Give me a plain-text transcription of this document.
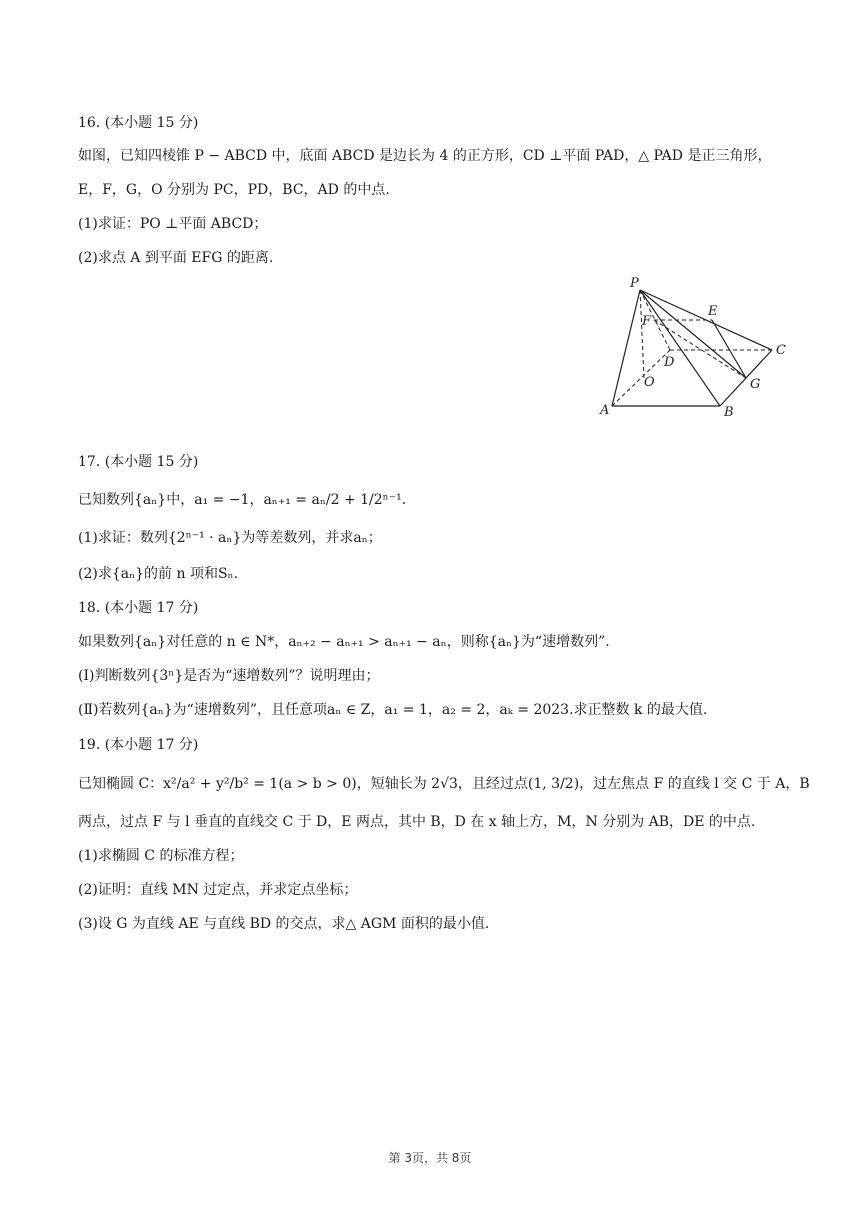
16. (本小题 15 分)
如图，已知四棱锥 P − ABCD 中，底面 ABCD 是边长为 4 的正方形，CD ⊥平面 PAD，△ PAD 是正三角形，
E，F，G，O 分别为 PC，PD，BC，AD 的中点.
(1)求证：PO ⊥平面 ABCD；
(2)求点 A 到平面 EFG 的距离.
P
E
F
D
C
O	G
A	B
17. (本小题 15 分)
已知数列{aₙ}中，a₁ = −1，aₙ₊₁ = aₙ/2 + 1/2ⁿ⁻¹.
(1)求证：数列{2ⁿ⁻¹ · aₙ}为等差数列，并求aₙ；
(2)求{aₙ}的前 n 项和Sₙ.
18. (本小题 17 分)
如果数列{aₙ}对任意的 n ∈ N*，aₙ₊₂ − aₙ₊₁ > aₙ₊₁ − aₙ，则称{aₙ}为“速增数列”.
(Ⅰ)判断数列{3ⁿ}是否为“速增数列”？说明理由；
(Ⅱ)若数列{aₙ}为“速增数列”，且任意项aₙ ∈ Z，a₁ = 1，a₂ = 2，aₖ = 2023.求正整数 k 的最大值.
19. (本小题 17 分)
已知椭圆 C：x²/a² + y²/b² = 1(a > b > 0)，短轴长为 2√3，且经过点(1, 3/2)，过左焦点 F 的直线 l 交 C 于 A，B
两点，过点 F 与 l 垂直的直线交 C 于 D，E 两点，其中 B，D 在 x 轴上方，M，N 分别为 AB，DE 的中点.
(1)求椭圆 C 的标准方程；
(2)证明：直线 MN 过定点，并求定点坐标；
(3)设 G 为直线 AE 与直线 BD 的交点，求△ AGM 面积的最小值.
第 3页，共 8页
